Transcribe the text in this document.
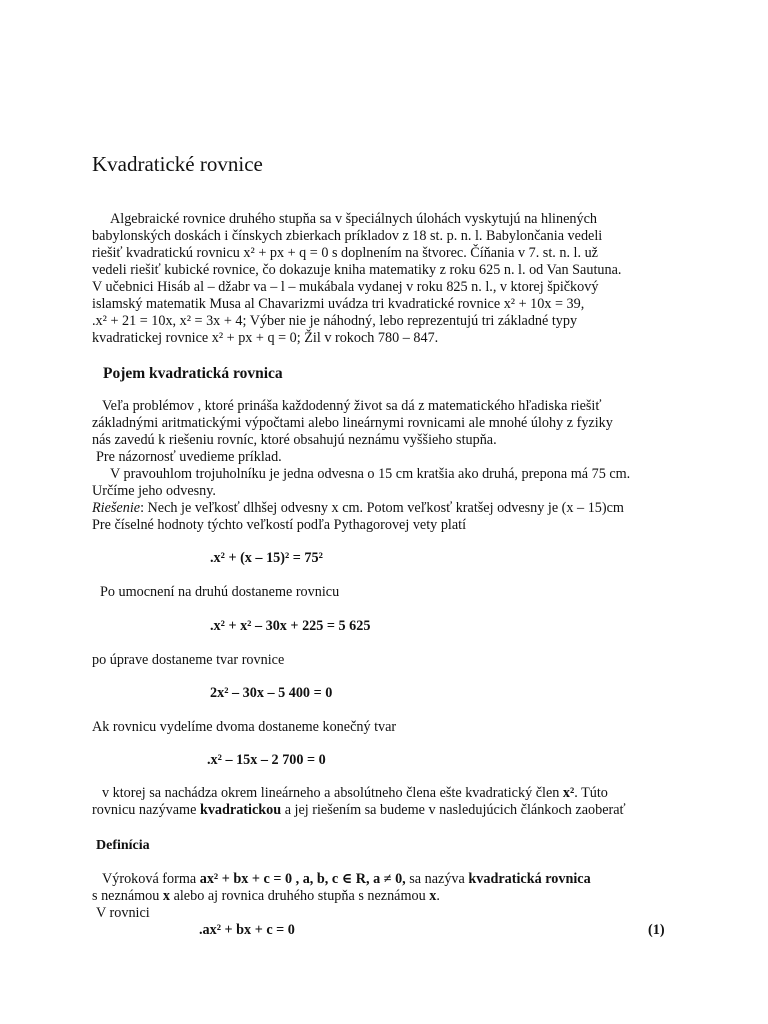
Kvadratické rovnice
Algebraické rovnice druhého stupňa sa v špeciálnych úlohách vyskytujú na hlinených
babylonských doskách i čínskych zbierkach príkladov z 18 st. p. n. l. Babylončania vedeli
riešiť kvadratickú rovnicu x² + px + q = 0 s doplnením na štvorec. Číňania v 7. st. n. l. už
vedeli riešiť kubické rovnice, čo dokazuje kniha matematiky z roku 625 n. l. od Van Sautuna.
V učebnici Hisáb al – džabr va – l – mukábala vydanej v roku 825 n. l., v ktorej špičkový
islamský matematik Musa al Chavarizmi uvádza tri kvadratické rovnice x² + 10x = 39,
.x² + 21 = 10x, x² = 3x + 4; Výber nie je náhodný, lebo reprezentujú tri základné typy
kvadratickej rovnice x² + px + q = 0; Žil v rokoch 780 – 847.
Pojem kvadratická rovnica
Veľa problémov , ktoré prináša každodenný život sa dá z matematického hľadiska riešiť
základnými aritmatickými výpočtami alebo lineárnymi rovnicami ale mnohé úlohy z fyziky
nás zavedú k riešeniu rovníc, ktoré obsahujú neznámu vyššieho stupňa.
Pre názornosť uvedieme príklad.
V pravouhlom trojuholníku je jedna odvesna o 15 cm kratšia ako druhá, prepona má 75 cm.
Určíme jeho odvesny.
Riešenie: Nech je veľkosť dlhšej odvesny x cm. Potom veľkosť kratšej odvesny je (x – 15)cm
Pre číselné hodnoty týchto veľkostí podľa Pythagorovej vety platí
.x² + (x – 15)² = 75²
Po umocnení na druhú dostaneme rovnicu
.x² + x² – 30x + 225 = 5 625
po úprave dostaneme tvar rovnice
2x² – 30x – 5 400 = 0
Ak rovnicu vydelíme dvoma dostaneme konečný tvar
.x² – 15x – 2 700 = 0
v ktorej sa nachádza okrem lineárneho a absolútneho člena ešte kvadratický člen x². Túto
rovnicu nazývame kvadratickou a jej riešením sa budeme v nasledujúcich článkoch zaoberať
Definícia
Výroková forma ax² + bx + c = 0 , a, b, c ∈ R, a ≠ 0, sa nazýva kvadratická rovnica
s neznámou x alebo aj rovnica druhého stupňa s neznámou x.
V rovnici
.ax² + bx + c = 0	(1)
